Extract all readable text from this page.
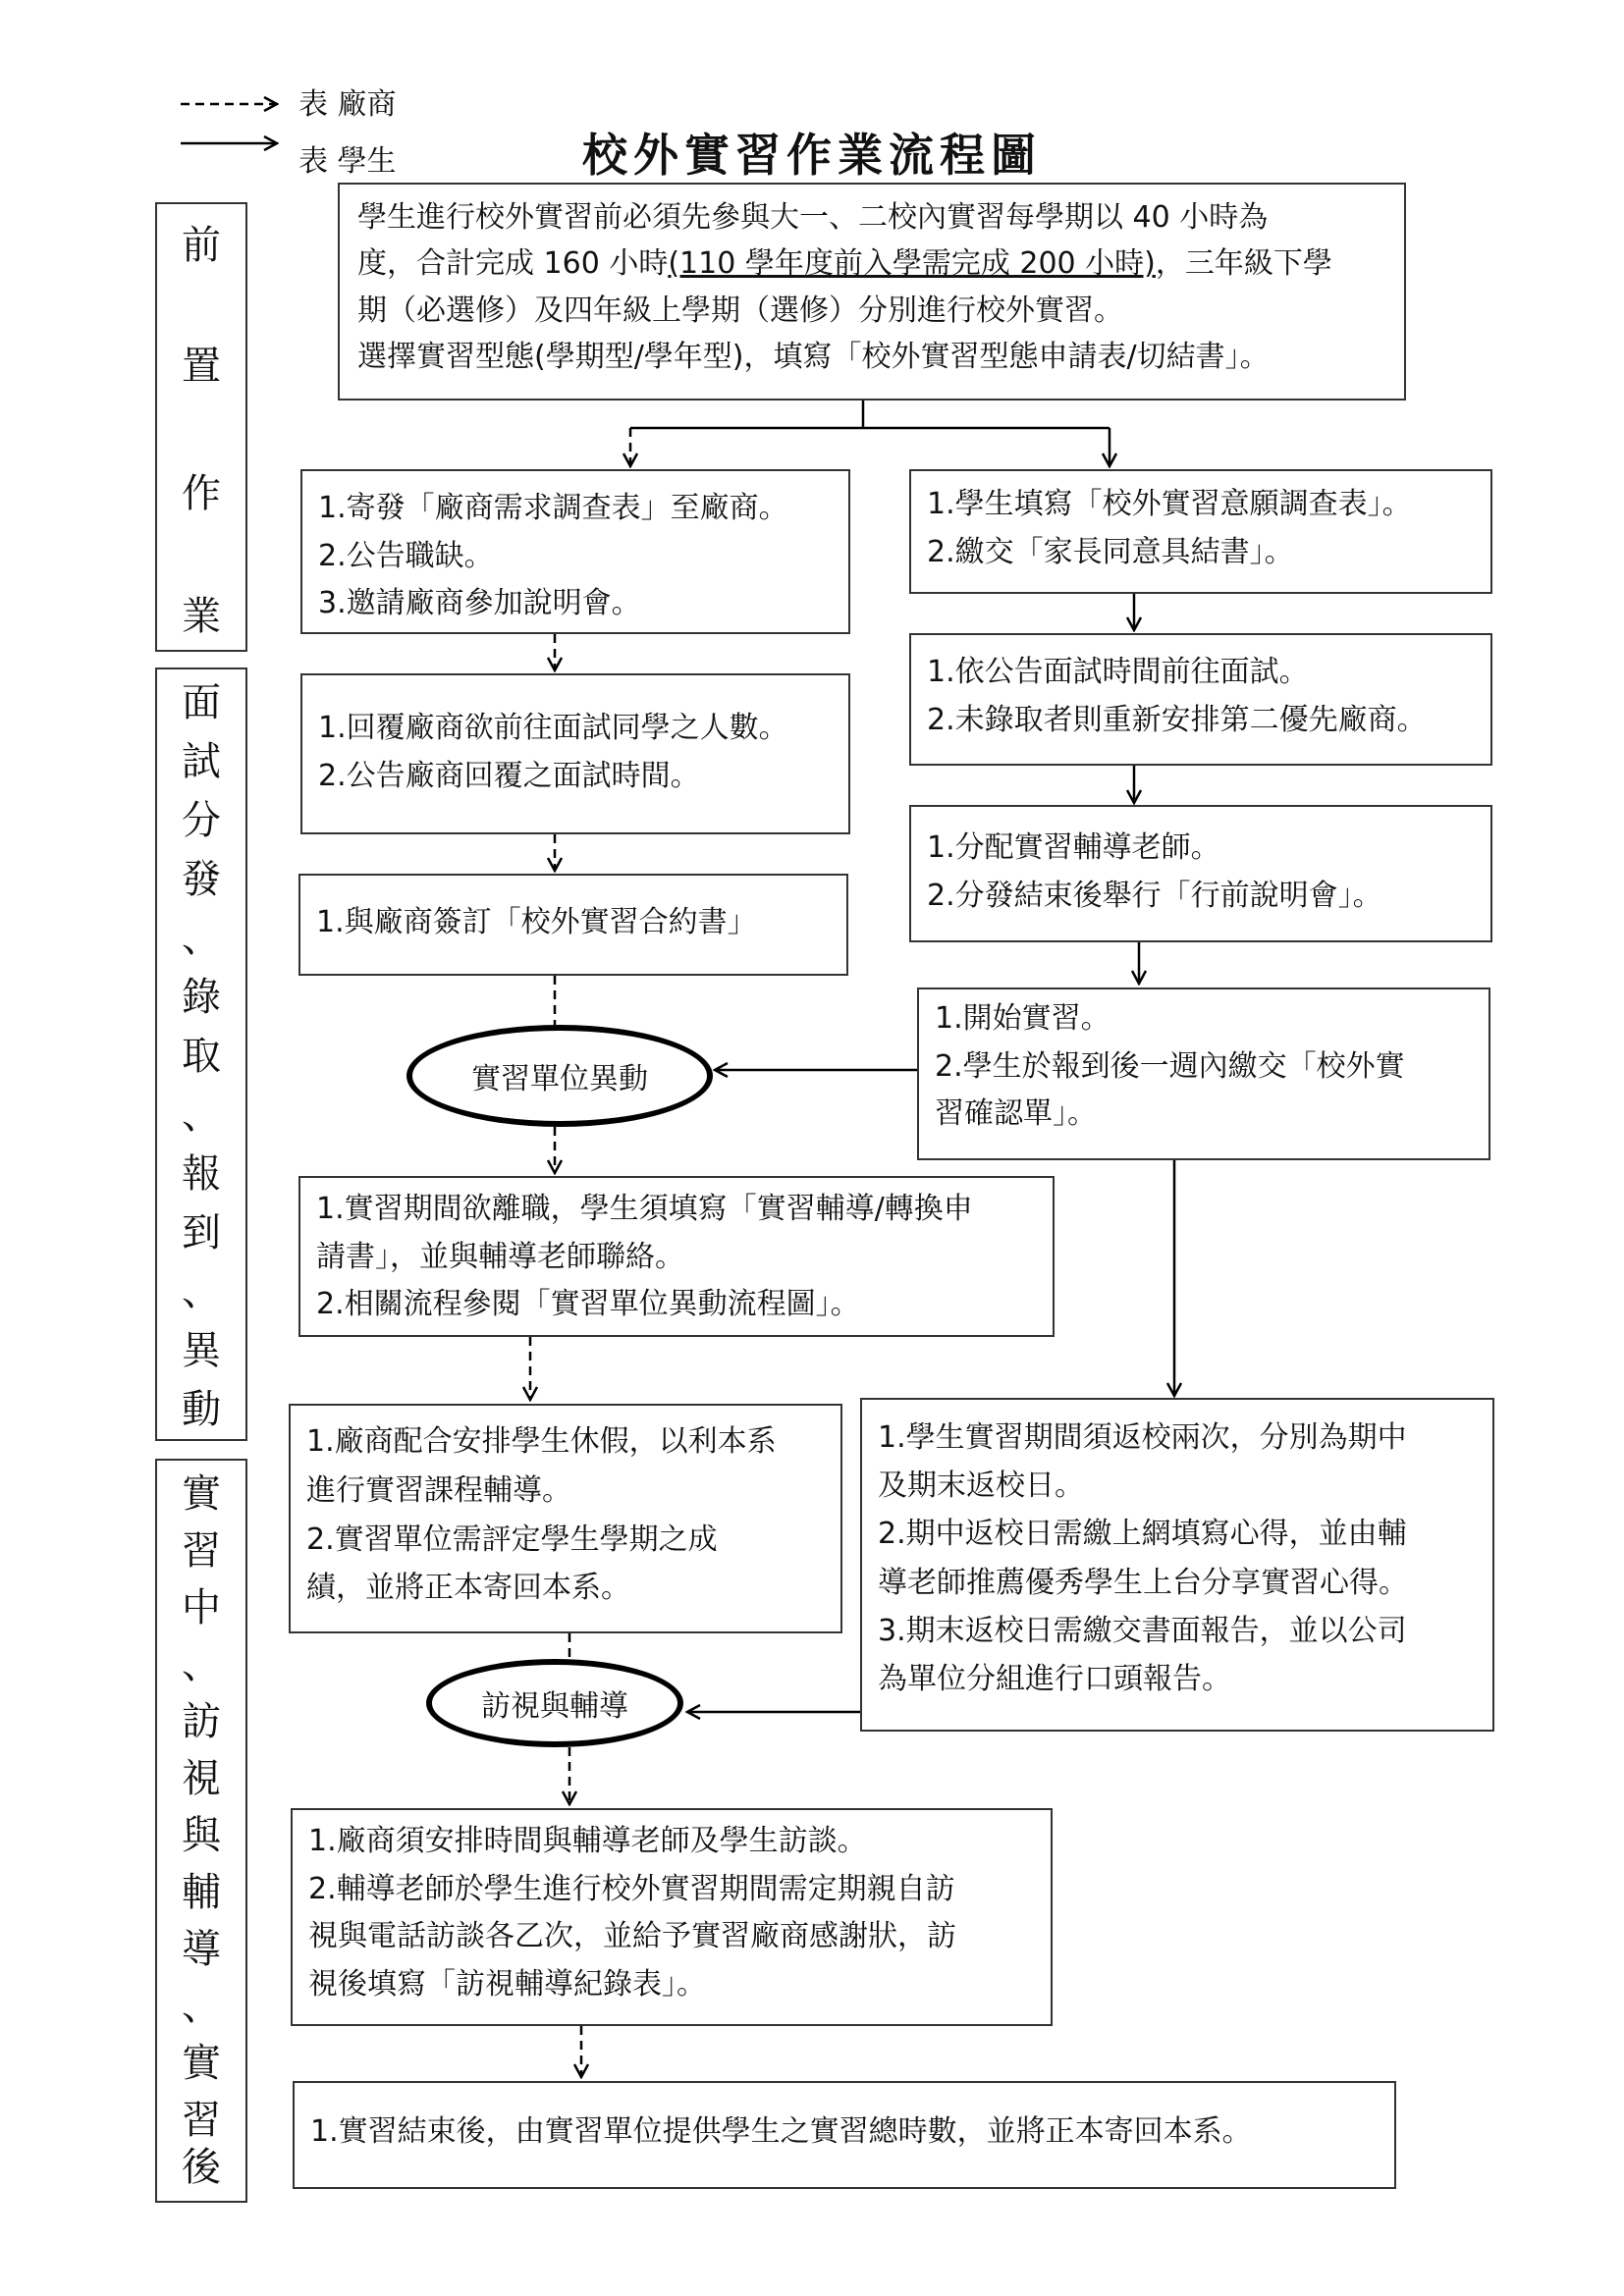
表 廠商
表 學生	校外實習作業流程圖
前
置
作
業
面
試
分
發
、
錄
取
、
報
到
、
異
動
實
習
中
、
訪
視
與
輔
導
、
實
習
後
學生進行校外實習前必須先參與大一、二校內實習每學期以 40 小時為
度，合計完成 160 小時(110 學年度前入學需完成 200 小時)，三年級下學
期（必選修）及四年級上學期（選修）分別進行校外實習。
選擇實習型態(學期型/學年型)，填寫「校外實習型態申請表/切結書」。
1.寄發「廠商需求調查表」至廠商。
2.公告職缺。
3.邀請廠商參加說明會。
1.回覆廠商欲前往面試同學之人數。
2.公告廠商回覆之面試時間。
1.與廠商簽訂「校外實習合約書」
實習單位異動
1.實習期間欲離職，學生須填寫「實習輔導/轉換申
請書」，並與輔導老師聯絡。
2.相關流程參閱「實習單位異動流程圖」。
1.廠商配合安排學生休假，以利本系
進行實習課程輔導。
2.實習單位需評定學生學期之成
績，並將正本寄回本系。
訪視與輔導
1.廠商須安排時間與輔導老師及學生訪談。
2.輔導老師於學生進行校外實習期間需定期親自訪
視與電話訪談各乙次，並給予實習廠商感謝狀，訪
視後填寫「訪視輔導紀錄表」。
1.實習結束後，由實習單位提供學生之實習總時數，並將正本寄回本系。
1.學生填寫「校外實習意願調查表」。
2.繳交「家長同意具結書」。
1.依公告面試時間前往面試。
2.未錄取者則重新安排第二優先廠商。
1.分配實習輔導老師。
2.分發結束後舉行「行前說明會」。
1.開始實習。
2.學生於報到後一週內繳交「校外實
習確認單」。
1.學生實習期間須返校兩次，分別為期中
及期末返校日。
2.期中返校日需繳上網填寫心得，並由輔
導老師推薦優秀學生上台分享實習心得。
3.期末返校日需繳交書面報告，並以公司
為單位分組進行口頭報告。
